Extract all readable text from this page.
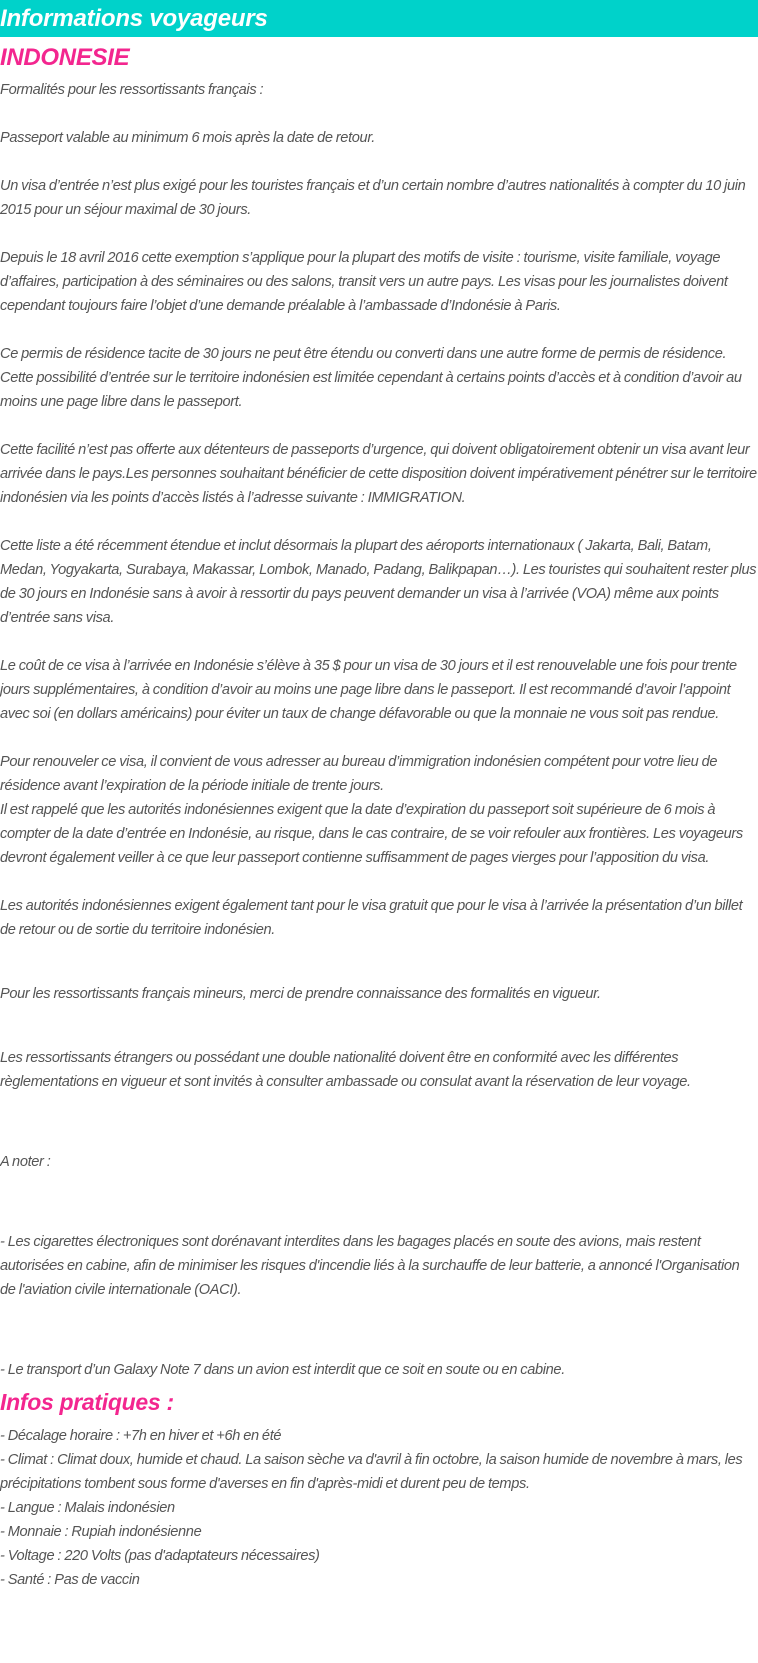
Informations voyageurs
INDONESIE

Formalités pour les ressortissants français :

Passeport valable au minimum 6 mois après la date de retour.

Un visa d’entrée n’est plus exigé pour les touristes français et d’un certain nombre d’autres nationalités à compter du 10 juin 2015 pour un séjour maximal de 30 jours.

Depuis le 18 avril 2016 cette exemption s’applique pour la plupart des motifs de visite : tourisme, visite familiale, voyage d’affaires, participation à des séminaires ou des salons, transit vers un autre pays. Les visas pour les journalistes doivent cependant toujours faire l’objet d’une demande préalable à l’ambassade d’Indonésie à Paris.

Ce permis de résidence tacite de 30 jours ne peut être étendu ou converti dans une autre forme de permis de résidence. Cette possibilité d’entrée sur le territoire indonésien est limitée cependant à certains points d’accès et à condition d’avoir au moins une page libre dans le passeport.

Cette facilité n’est pas offerte aux détenteurs de passeports d’urgence, qui doivent obligatoirement obtenir un visa avant leur arrivée dans le pays.Les personnes souhaitant bénéficier de cette disposition doivent impérativement pénétrer sur le territoire indonésien via les points d’accès listés à l’adresse suivante : IMMIGRATION.

Cette liste a été récemment étendue et inclut désormais la plupart des aéroports internationaux ( Jakarta, Bali, Batam, Medan, Yogyakarta, Surabaya, Makassar, Lombok, Manado, Padang, Balikpapan…). Les touristes qui souhaitent rester plus de 30 jours en Indonésie sans à avoir à ressortir du pays peuvent demander un visa à l’arrivée (VOA) même aux points d’entrée sans visa.

Le coût de ce visa à l’arrivée en Indonésie s’élève à 35 $ pour un visa de 30 jours et il est renouvelable une fois pour trente jours supplémentaires, à condition d’avoir au moins une page libre dans le passeport. Il est recommandé d’avoir l’appoint avec soi (en dollars américains) pour éviter un taux de change défavorable ou que la monnaie ne vous soit pas rendue.

Pour renouveler ce visa, il convient de vous adresser au bureau d’immigration indonésien compétent pour votre lieu de résidence avant l’expiration de la période initiale de trente jours.

Il est rappelé que les autorités indonésiennes exigent que la date d’expiration du passeport soit supérieure de 6 mois à compter de la date d’entrée en Indonésie, au risque, dans le cas contraire, de se voir refouler aux frontières. Les voyageurs devront également veiller à ce que leur passeport contienne suffisamment de pages vierges pour l’apposition du visa.

Les autorités indonésiennes exigent également tant pour le visa gratuit que pour le visa à l’arrivée la présentation d’un billet de retour ou de sortie du territoire indonésien.

Pour les ressortissants français mineurs, merci de prendre connaissance des formalités en vigueur.

Les ressortissants étrangers ou possédant une double nationalité doivent être en conformité avec les différentes règlementations en vigueur et sont invités à consulter ambassade ou consulat avant la réservation de leur voyage.

A noter :

- Les cigarettes électroniques sont dorénavant interdites dans les bagages placés en soute des avions, mais restent autorisées en cabine, afin de minimiser les risques d'incendie liés à la surchauffe de leur batterie, a annoncé l'Organisation de l'aviation civile internationale (OACI).

- Le transport d’un Galaxy Note 7 dans un avion est interdit que ce soit en soute ou en cabine.

Infos pratiques :
- Décalage horaire : +7h en hiver et +6h en été
- Climat : Climat doux, humide et chaud. La saison sèche va d'avril à fin octobre, la saison humide de novembre à mars, les précipitations tombent sous forme d'averses en fin d'après-midi et durent peu de temps.
- Langue : Malais indonésien
- Monnaie : Rupiah indonésienne
- Voltage : 220 Volts (pas d'adaptateurs nécessaires)
- Santé : Pas de vaccin
